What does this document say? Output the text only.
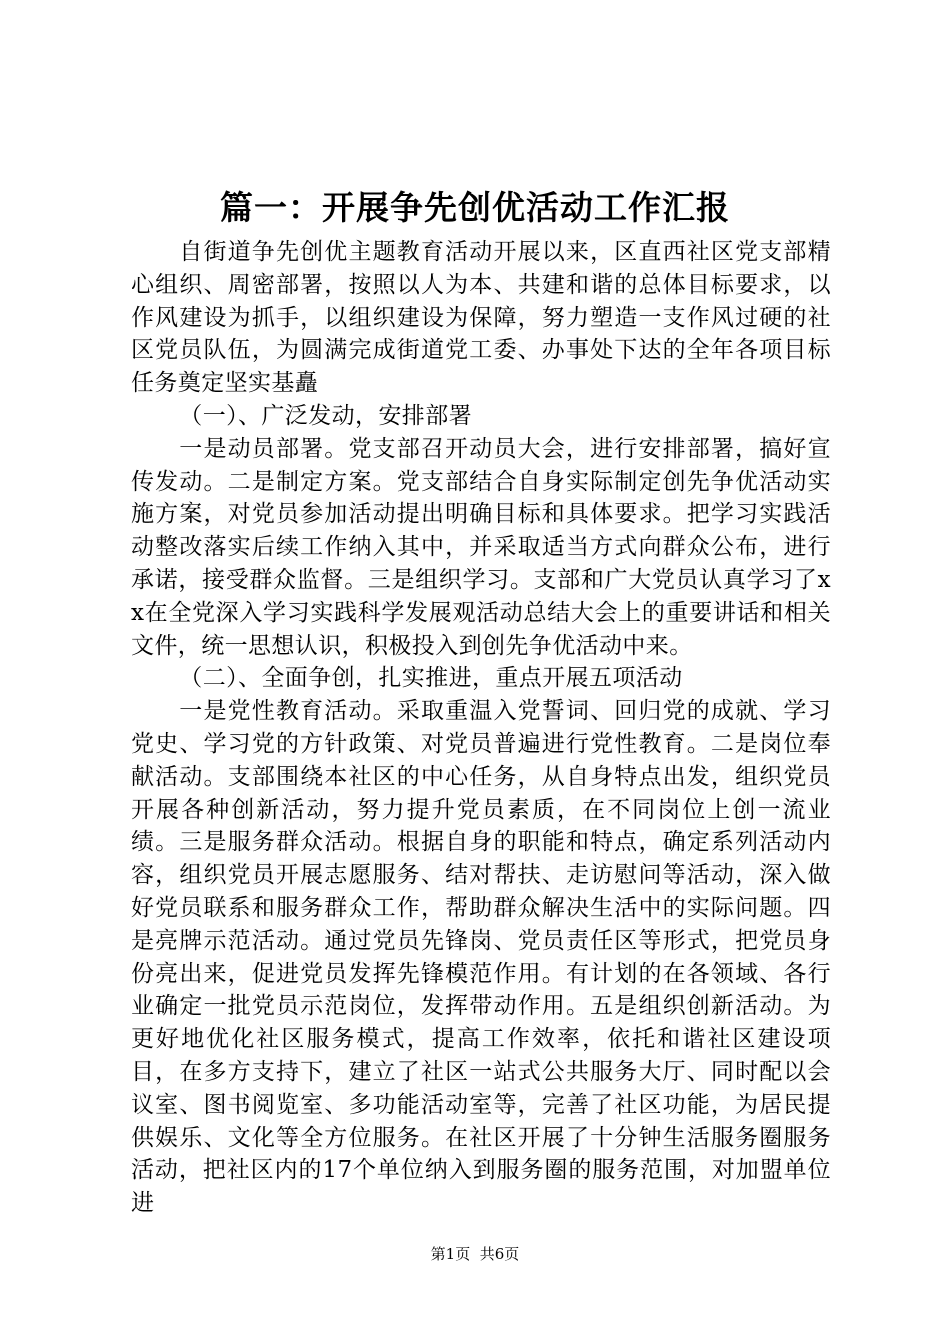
篇一：开展争先创优活动工作汇报

自街道争先创优主题教育活动开展以来，区直西社区党支部精心组织、周密部署，按照以人为本、共建和谐的总体目标要求，以作风建设为抓手，以组织建设为保障，努力塑造一支作风过硬的社区党员队伍，为圆满完成街道党工委、办事处下达的全年各项目标任务奠定坚实基矗

（一）、广泛发动，安排部署

一是动员部署。党支部召开动员大会，进行安排部署，搞好宣传发动。二是制定方案。党支部结合自身实际制定创先争优活动实施方案，对党员参加活动提出明确目标和具体要求。把学习实践活动整改落实后续工作纳入其中，并采取适当方式向群众公布，进行承诺，接受群众监督。三是组织学习。支部和广大党员认真学习了xx在全党深入学习实践科学发展观活动总结大会上的重要讲话和相关文件，统一思想认识，积极投入到创先争优活动中来。

（二）、全面争创，扎实推进，重点开展五项活动

一是党性教育活动。采取重温入党誓词、回归党的成就、学习党史、学习党的方针政策、对党员普遍进行党性教育。二是岗位奉献活动。支部围绕本社区的中心任务，从自身特点出发，组织党员开展各种创新活动，努力提升党员素质，在不同岗位上创一流业绩。三是服务群众活动。根据自身的职能和特点，确定系列活动内容，组织党员开展志愿服务、结对帮扶、走访慰问等活动，深入做好党员联系和服务群众工作，帮助群众解决生活中的实际问题。四是亮牌示范活动。通过党员先锋岗、党员责任区等形式，把党员身份亮出来，促进党员发挥先锋模范作用。有计划的在各领域、各行业确定一批党员示范岗位，发挥带动作用。五是组织创新活动。为更好地优化社区服务模式，提高工作效率，依托和谐社区建设项目，在多方支持下，建立了社区一站式公共服务大厅、同时配以会议室、图书阅览室、多功能活动室等，完善了社区功能，为居民提供娱乐、文化等全方位服务。在社区开展了十分钟生活服务圈服务活动，把社区内的17个单位纳入到服务圈的服务范围，对加盟单位进

第1页 共6页
